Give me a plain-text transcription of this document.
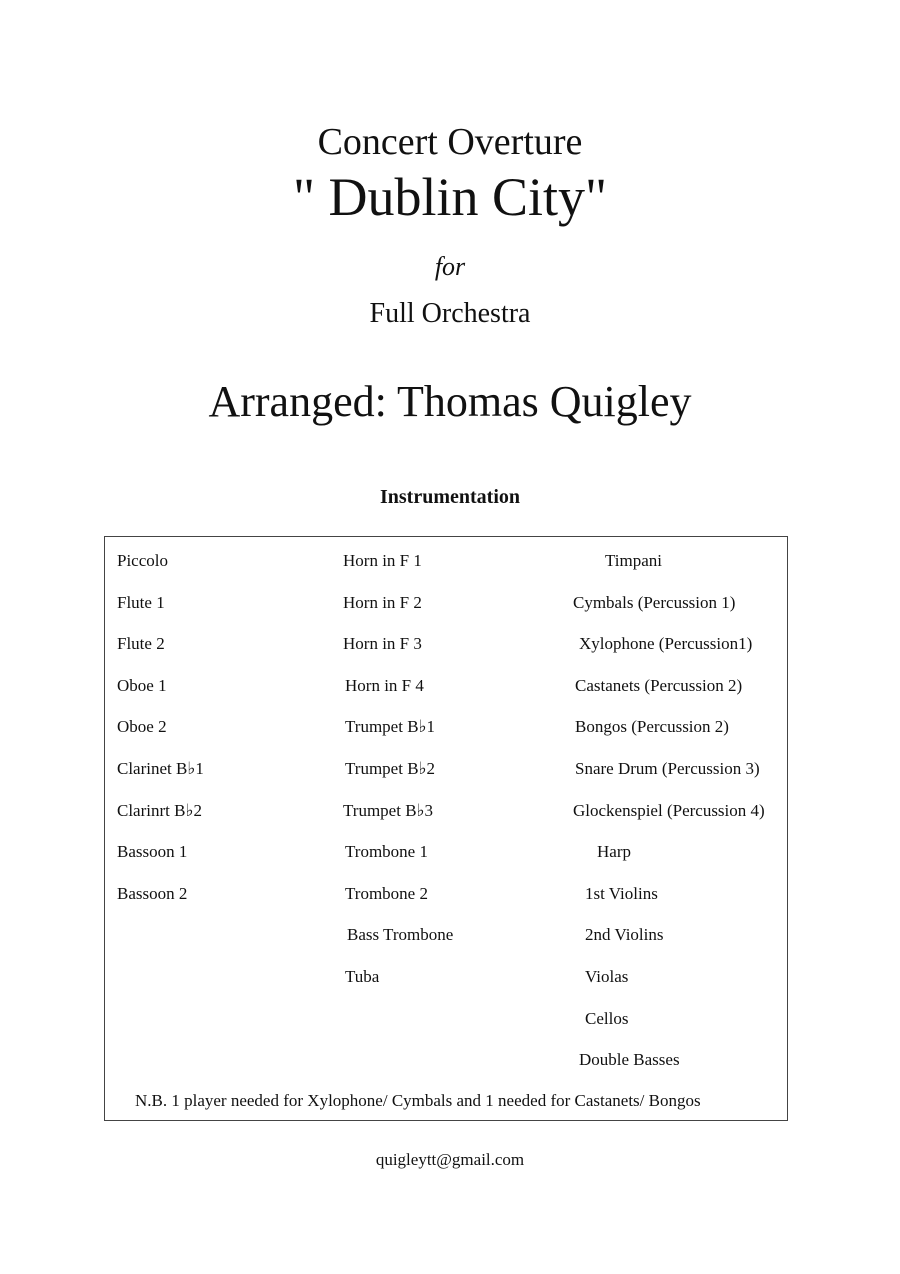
Concert Overture
" Dublin City"
for
Full Orchestra
Arranged: Thomas Quigley
Instrumentation
N.B. 1 player needed for Xylophone/ Cymbals and 1 needed for Castanets/ Bongos
Piccolo
Flute 1
Flute 2
Oboe 1
Oboe 2
Clarinet B♭1
Clarinrt B♭2
Bassoon 1
Bassoon 2
Horn in F 1
Horn in F 2
Horn in F 3
Horn in F 4
Trumpet B♭1
Trumpet B♭2
Trumpet B♭3
Trombone 1
Trombone 2
Bass Trombone
Tuba
Timpani
Cymbals (Percussion 1)
Xylophone (Percussion1)
Castanets (Percussion 2)
Bongos (Percussion 2)
Snare Drum (Percussion 3)
Glockenspiel (Percussion 4)
Harp
1st Violins
2nd Violins
Violas
Cellos
Double Basses
quigleytt@gmail.com
